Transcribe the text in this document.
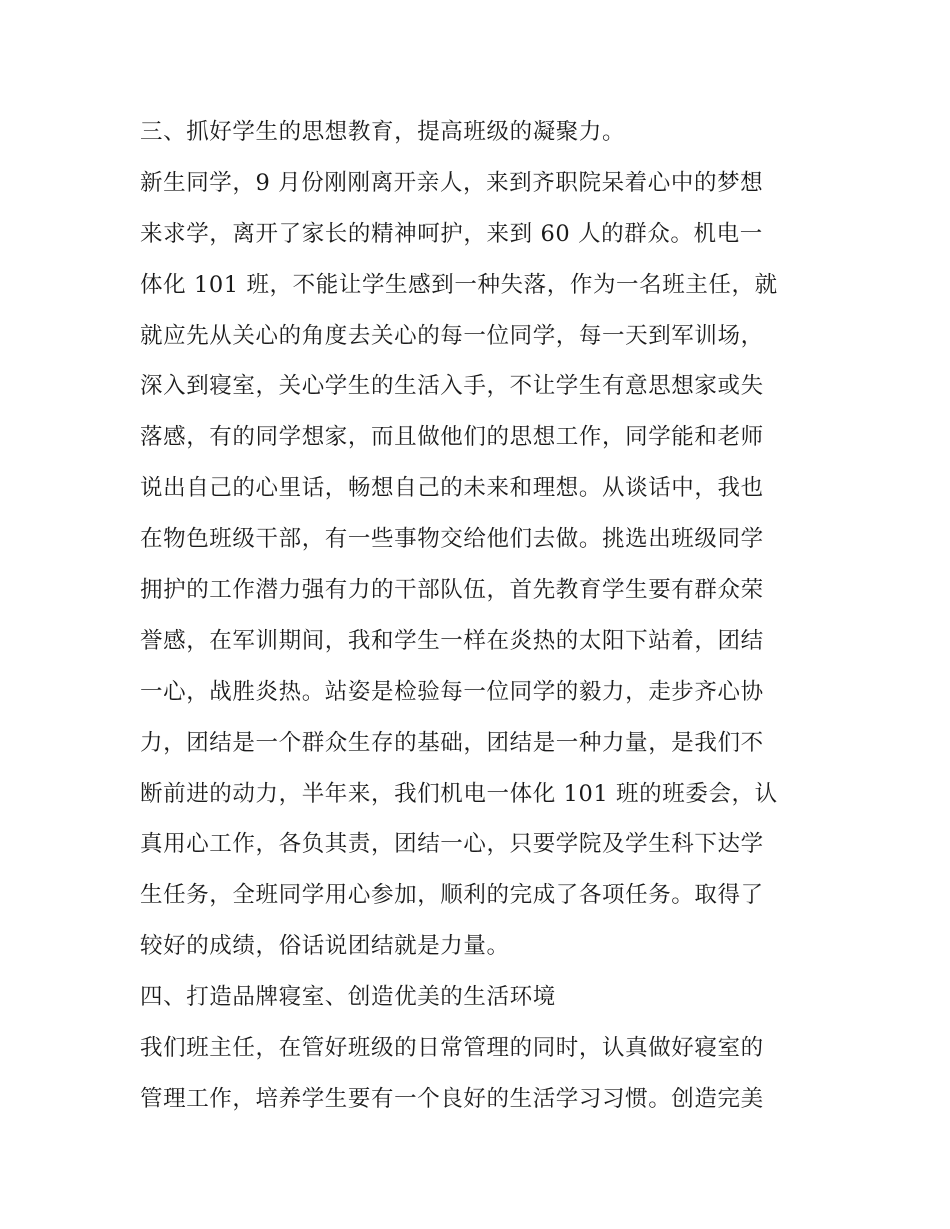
三、抓好学生的思想教育，提高班级的凝聚力。
新生同学，9 月份刚刚离开亲人，来到齐职院呆着心中的梦想
来求学，离开了家长的精神呵护，来到 60 人的群众。机电一
体化 101 班，不能让学生感到一种失落，作为一名班主任，就
就应先从关心的角度去关心的每一位同学，每一天到军训场，
深入到寝室，关心学生的生活入手，不让学生有意思想家或失
落感，有的同学想家，而且做他们的思想工作，同学能和老师
说出自己的心里话，畅想自己的未来和理想。从谈话中，我也
在物色班级干部，有一些事物交给他们去做。挑选出班级同学
拥护的工作潜力强有力的干部队伍，首先教育学生要有群众荣
誉感，在军训期间，我和学生一样在炎热的太阳下站着，团结
一心，战胜炎热。站姿是检验每一位同学的毅力，走步齐心协
力，团结是一个群众生存的基础，团结是一种力量，是我们不
断前进的动力，半年来，我们机电一体化 101 班的班委会，认
真用心工作，各负其责，团结一心，只要学院及学生科下达学
生任务，全班同学用心参加，顺利的完成了各项任务。取得了
较好的成绩，俗话说团结就是力量。
四、打造品牌寝室、创造优美的生活环境
我们班主任，在管好班级的日常管理的同时，认真做好寝室的
管理工作，培养学生要有一个良好的生活学习习惯。创造完美
